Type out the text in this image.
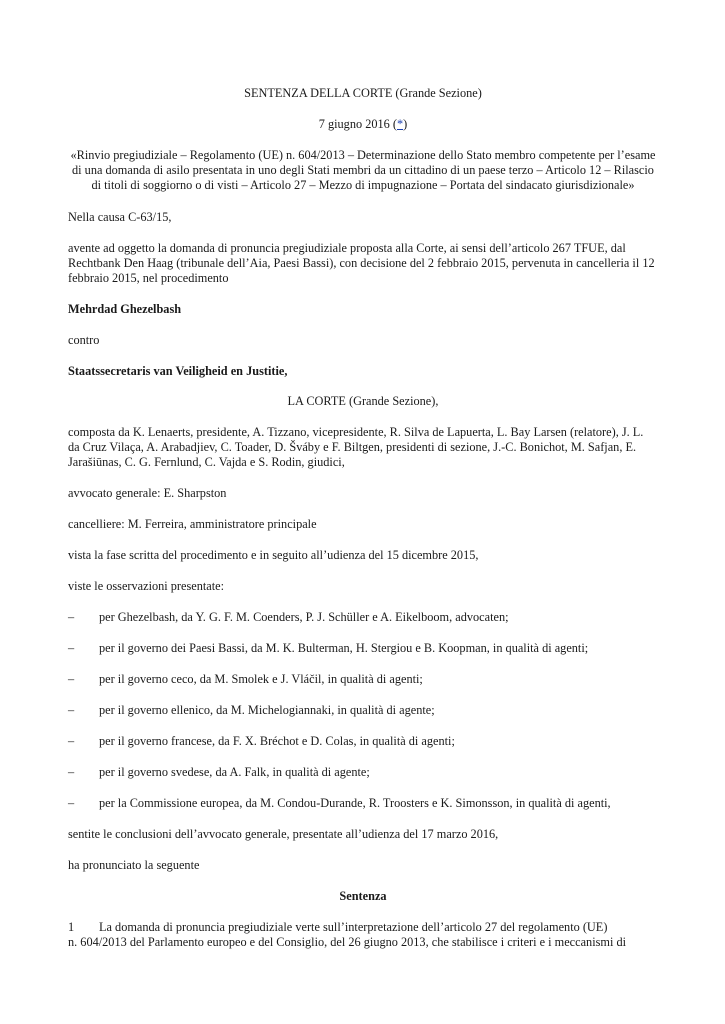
SENTENZA DELLA CORTE (Grande Sezione)

7 giugno 2016 (*)

«Rinvio pregiudiziale – Regolamento (UE) n. 604/2013 – Determinazione dello Stato membro competente per l’esame di una domanda di asilo presentata in uno degli Stati membri da un cittadino di un paese terzo – Articolo 12 – Rilascio di titoli di soggiorno o di visti – Articolo 27 – Mezzo di impugnazione – Portata del sindacato giurisdizionale»

Nella causa C‑63/15,

avente ad oggetto la domanda di pronuncia pregiudiziale proposta alla Corte, ai sensi dell’articolo 267 TFUE, dal Rechtbank Den Haag (tribunale dell’Aia, Paesi Bassi), con decisione del 2 febbraio 2015, pervenuta in cancelleria il 12 febbraio 2015, nel procedimento

Mehrdad Ghezelbash

contro

Staatssecretaris van Veiligheid en Justitie,

LA CORTE (Grande Sezione),

composta da K. Lenaerts, presidente, A. Tizzano, vicepresidente, R. Silva de Lapuerta, L. Bay Larsen (relatore), J. L. da Cruz Vilaça, A. Arabadjiev, C. Toader, D. Šváby e F. Biltgen, presidenti di sezione, J.‑C. Bonichot, M. Safjan, E. Jarašiūnas, C. G. Fernlund, C. Vajda e S. Rodin, giudici,

avvocato generale: E. Sharpston

cancelliere: M. Ferreira, amministratore principale

vista la fase scritta del procedimento e in seguito all’udienza del 15 dicembre 2015,

viste le osservazioni presentate:

– per Ghezelbash, da Y. G. F. M. Coenders, P. J. Schüller e A. Eikelboom, advocaten;

– per il governo dei Paesi Bassi, da M. K. Bulterman, H. Stergiou e B. Koopman, in qualità di agenti;

– per il governo ceco, da M. Smolek e J. Vláčil, in qualità di agenti;

– per il governo ellenico, da M. Michelogiannaki, in qualità di agente;

– per il governo francese, da F. X. Bréchot e D. Colas, in qualità di agenti;

– per il governo svedese, da A. Falk, in qualità di agente;

– per la Commissione europea, da M. Condou‑Durande, R. Troosters e K. Simonsson, in qualità di agenti,

sentite le conclusioni dell’avvocato generale, presentate all’udienza del 17 marzo 2016,

ha pronunciato la seguente

Sentenza

1 La domanda di pronuncia pregiudiziale verte sull’interpretazione dell’articolo 27 del regolamento (UE)
n. 604/2013 del Parlamento europeo e del Consiglio, del 26 giugno 2013, che stabilisce i criteri e i meccanismi di
